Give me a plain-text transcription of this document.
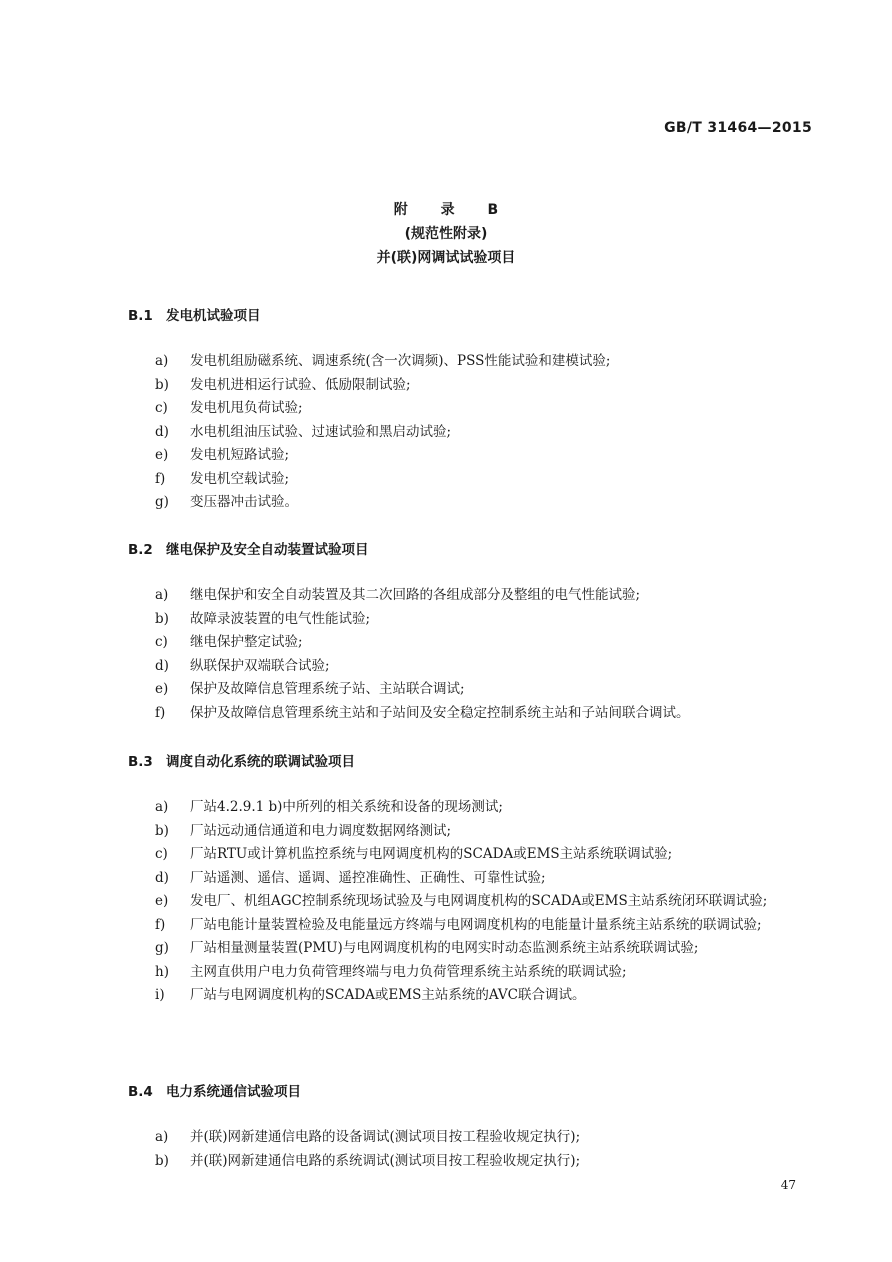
GB/T 31464—2015
附 录 B
(规范性附录)
并(联)网调试试验项目
B.1 发电机试验项目
a)	发电机组励磁系统、调速系统(含一次调频)、PSS性能试验和建模试验;
b)	发电机进相运行试验、低励限制试验;
c)	发电机甩负荷试验;
d)	水电机组油压试验、过速试验和黑启动试验;
e)	发电机短路试验;
f)	发电机空载试验;
g)	变压器冲击试验。
B.2 继电保护及安全自动装置试验项目
a)	继电保护和安全自动装置及其二次回路的各组成部分及整组的电气性能试验;
b)	故障录波装置的电气性能试验;
c)	继电保护整定试验;
d)	纵联保护双端联合试验;
e)	保护及故障信息管理系统子站、主站联合调试;
f)	保护及故障信息管理系统主站和子站间及安全稳定控制系统主站和子站间联合调试。
B.3 调度自动化系统的联调试验项目
a)	厂站4.2.9.1 b)中所列的相关系统和设备的现场测试;
b)	厂站远动通信通道和电力调度数据网络测试;
c)	厂站RTU或计算机监控系统与电网调度机构的SCADA或EMS主站系统联调试验;
d)	厂站遥测、遥信、遥调、遥控准确性、正确性、可靠性试验;
e)	发电厂、机组AGC控制系统现场试验及与电网调度机构的SCADA或EMS主站系统闭环联调试验;
f)	厂站电能计量装置检验及电能量远方终端与电网调度机构的电能量计量系统主站系统的联调试验;
g)	厂站相量测量装置(PMU)与电网调度机构的电网实时动态监测系统主站系统联调试验;
h)	主网直供用户电力负荷管理终端与电力负荷管理系统主站系统的联调试验;
i)	厂站与电网调度机构的SCADA或EMS主站系统的AVC联合调试。
B.4 电力系统通信试验项目
a)	并(联)网新建通信电路的设备调试(测试项目按工程验收规定执行);
b)	并(联)网新建通信电路的系统调试(测试项目按工程验收规定执行);
47
